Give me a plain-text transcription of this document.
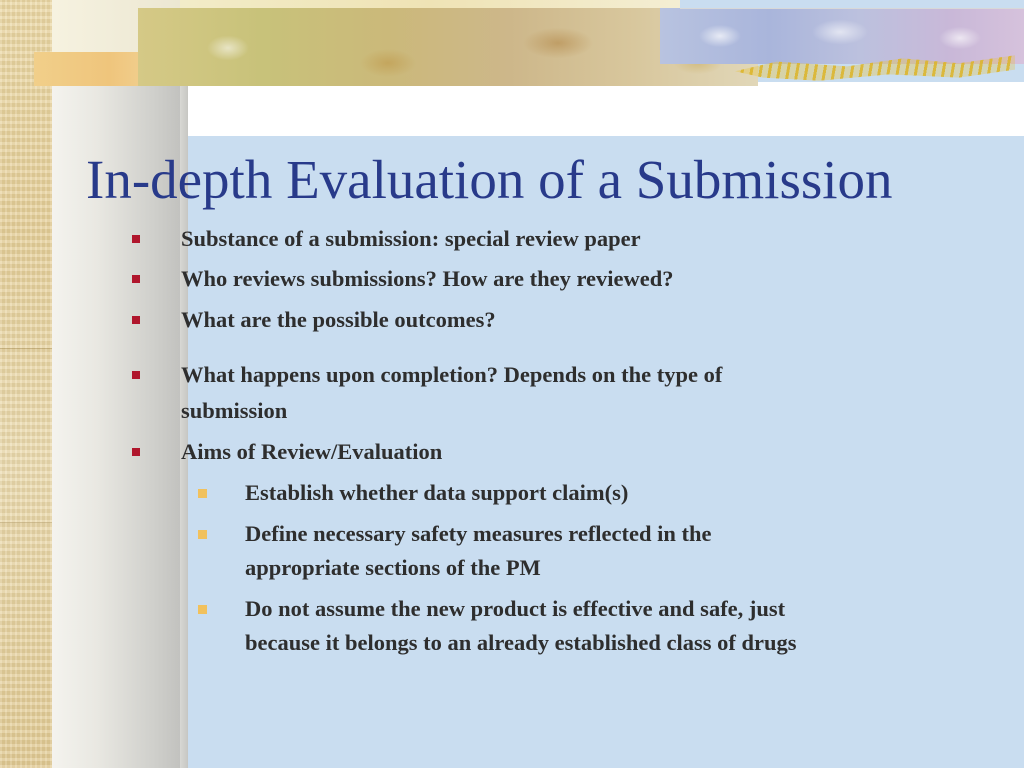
In-depth Evaluation of a Submission
Substance of a submission: special review paper
Who reviews submissions? How are they reviewed?
What are the possible outcomes?
What happens upon completion? Depends on the type of
submission
Aims of Review/Evaluation
Establish whether data support claim(s)
Define necessary safety measures reflected in the
appropriate sections of the PM
Do not assume the new product is effective and safe, just
because it belongs to an already established class of drugs
